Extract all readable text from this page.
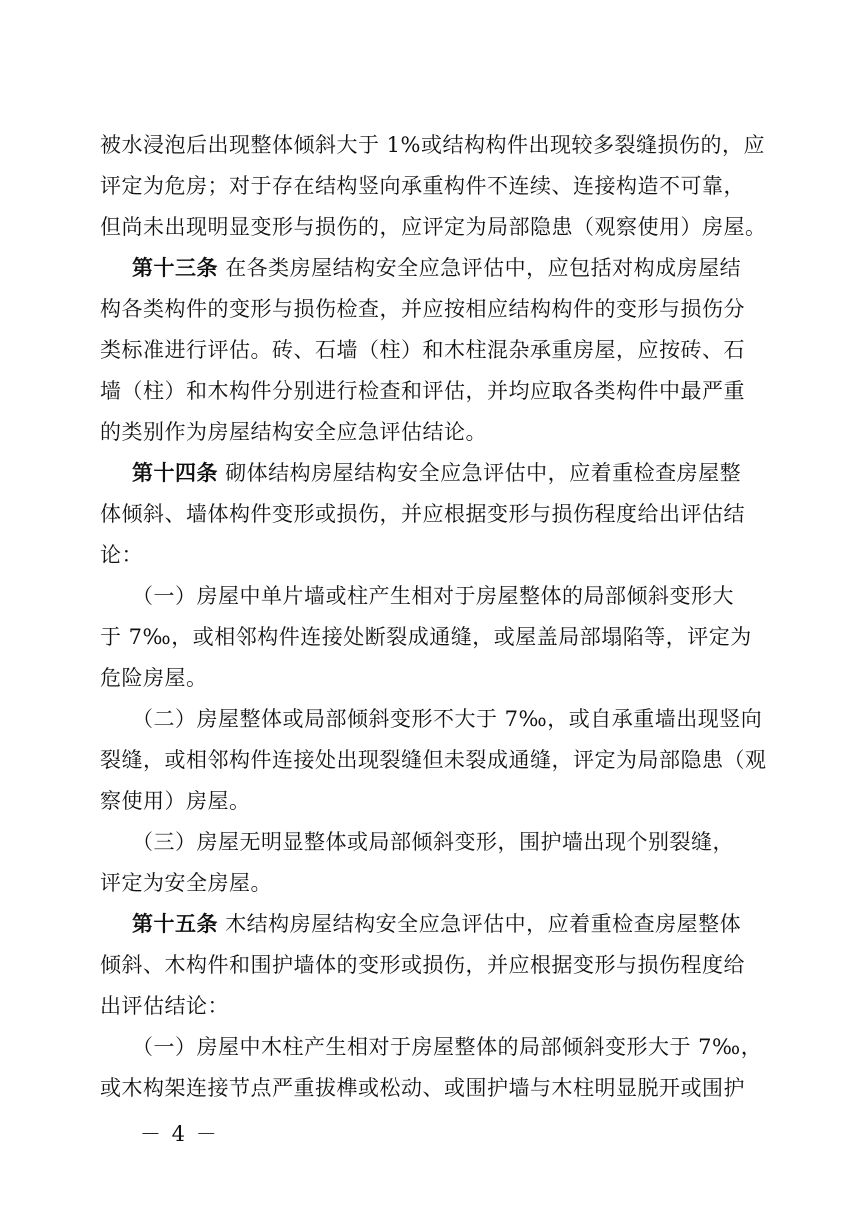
被水浸泡后出现整体倾斜大于 1%或结构构件出现较多裂缝损伤的，应
评定为危房；对于存在结构竖向承重构件不连续、连接构造不可靠，
但尚未出现明显变形与损伤的，应评定为局部隐患（观察使用）房屋。
第十三条 在各类房屋结构安全应急评估中，应包括对构成房屋结
构各类构件的变形与损伤检查，并应按相应结构构件的变形与损伤分
类标准进行评估。砖、石墙（柱）和木柱混杂承重房屋，应按砖、石
墙（柱）和木构件分别进行检查和评估，并均应取各类构件中最严重
的类别作为房屋结构安全应急评估结论。
第十四条 砌体结构房屋结构安全应急评估中，应着重检查房屋整
体倾斜、墙体构件变形或损伤，并应根据变形与损伤程度给出评估结
论：
（一）房屋中单片墙或柱产生相对于房屋整体的局部倾斜变形大
于 7‰，或相邻构件连接处断裂成通缝，或屋盖局部塌陷等，评定为
危险房屋。
（二）房屋整体或局部倾斜变形不大于 7‰，或自承重墙出现竖向
裂缝，或相邻构件连接处出现裂缝但未裂成通缝，评定为局部隐患（观
察使用）房屋。
（三）房屋无明显整体或局部倾斜变形，围护墙出现个别裂缝，
评定为安全房屋。
第十五条 木结构房屋结构安全应急评估中，应着重检查房屋整体
倾斜、木构件和围护墙体的变形或损伤，并应根据变形与损伤程度给
出评估结论：
（一）房屋中木柱产生相对于房屋整体的局部倾斜变形大于 7‰，
或木构架连接节点严重拔榫或松动、或围护墙与木柱明显脱开或围护
－ 4 －
